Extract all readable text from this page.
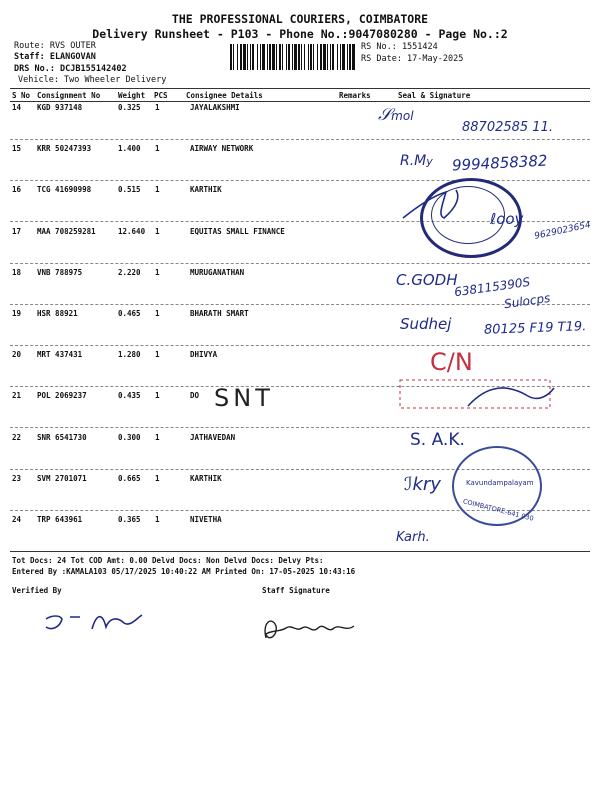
THE PROFESSIONAL COURIERS, COIMBATORE
Delivery Runsheet - P103 - Phone No.:9047080280 - Page No.:2
Route: RVS OUTER
Staff: ELANGOVAN
DRS No.: DCJB155142402
Vehicle: Two Wheeler Delivery
RS No.: 1551424
RS Date: 17-May-2025
S No Consignment No Weight PCS Consignee Details	Remarks	Seal & Signature
14 KGD 937148	0.325 1	JAYALAKSHMI
15 KRR 50247393	1.400 1	AIRWAY NETWORK
16 TCG 41690998	0.515 1	KARTHIK
17 MAA 708259281	12.640 1	EQUITAS SMALL FINANCE
18 VNB 788975	2.220 1	MURUGANATHAN
19 HSR 88921	0.465 1	BHARATH SMART
20 MRT 437431	1.280 1	DHIVYA
21 POL 2069237	0.435 1	DO
22 SNR 6541730	0.300 1	JATHAVEDAN
23 SVM 2701071	0.665 1	KARTHIK
24 TRP 643961	0.365 1	NIVETHA
𝒮mol
88702585 11.
R.My 9994858382
ℓooy
9629023654
C.GODH
638115390S
Sulocps
Sudhej 80125 F19 T19.
C/N
SNT
S. A.K.
Kavundampalayam
COIMBATORE-641 030
ℐkry
Karh.
Tot Docs: 24 Tot COD Amt: 0.00 Delvd Docs: Non Delvd Docs: Delvy Pts:
Entered By :KAMALA103 05/17/2025 10:40:22 AM Printed On: 17-05-2025 10:43:16
Verified By	Staff Signature
